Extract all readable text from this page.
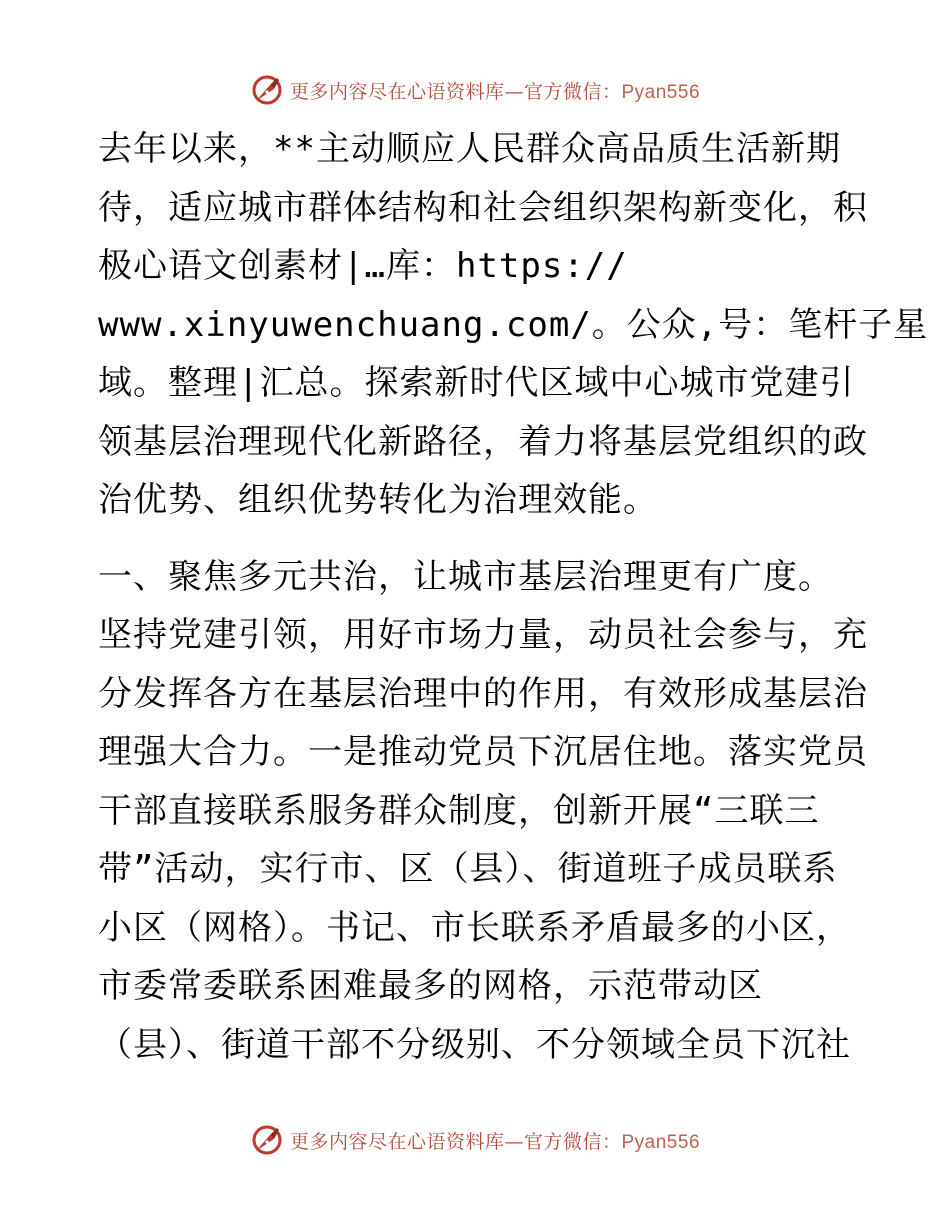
更多内容尽在心语资料库—官方微信：Pyan556

去年以来，**主动顺应人民群众高品质生活新期
待，适应城市群体结构和社会组织架构新变化，积
极心语文创素材|…库：https://
www.xinyuwenchuang.com/。公众,号：笔杆子星
域。整理|汇总。探索新时代区域中心城市党建引
领基层治理现代化新路径，着力将基层党组织的政
治优势、组织优势转化为治理效能。

一、聚焦多元共治，让城市基层治理更有广度。
坚持党建引领，用好市场力量，动员社会参与，充
分发挥各方在基层治理中的作用，有效形成基层治
理强大合力。一是推动党员下沉居住地。落实党员
干部直接联系服务群众制度，创新开展“三联三
带”活动，实行市、区（县）、街道班子成员联系
小区（网格）。书记、市长联系矛盾最多的小区，
市委常委联系困难最多的网格，示范带动区
（县）、街道干部不分级别、不分领域全员下沉社

更多内容尽在心语资料库—官方微信：Pyan556
